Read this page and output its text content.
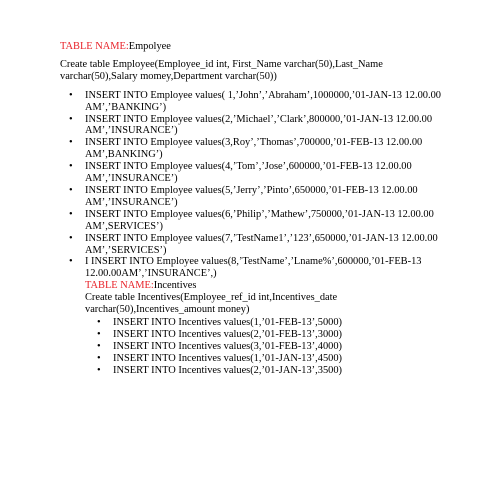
TABLE NAME:Empolyee
Create table Employee(Employee_id int, First_Name varchar(50),Last_Name varchar(50),Salary momey,Department varchar(50))
• INSERT INTO Employee values( 1,’John’,’Abraham’,1000000,’01-JAN-13 12.00.00 AM’,’BANKING’)
• INSERT INTO Employee values(2,’Michael’,’Clark’,800000,’01-JAN-13 12.00.00 AM’,’INSURANCE’)
• INSERT INTO Employee values(3,Roy’,’Thomas’,700000,’01-FEB-13 12.00.00 AM’,BANKING’)
• INSERT INTO Employee values(4,’Tom’,’Jose’,600000,’01-FEB-13 12.00.00 AM’,’INSURANCE’)
• INSERT INTO Employee values(5,’Jerry’,’Pinto’,650000,’01-FEB-13 12.00.00 AM’,’INSURANCE’)
• INSERT INTO Employee values(6,’Philip’,’Mathew’,750000,’01-JAN-13 12.00.00 AM’,SERVICES’)
• INSERT INTO Employee values(7,’TestName1’,’123’,650000,’01-JAN-13 12.00.00 AM’,’SERVICES’)
• I INSERT INTO Employee values(8,’TestName’,’Lname%’,600000,’01-FEB-13 12.00.00AM’,’INSURANCE’,)
TABLE NAME:Incentives
Create table Incentives(Employee_ref_id int,Incentives_date varchar(50),Incentives_amount money)
• INSERT INTO Incentives values(1,’01-FEB-13’,5000)
• INSERT INTO Incentives values(2,’01-FEB-13’,3000)
• INSERT INTO Incentives values(3,’01-FEB-13’,4000)
• INSERT INTO Incentives values(1,’01-JAN-13’,4500)
• INSERT INTO Incentives values(2,’01-JAN-13’,3500)
